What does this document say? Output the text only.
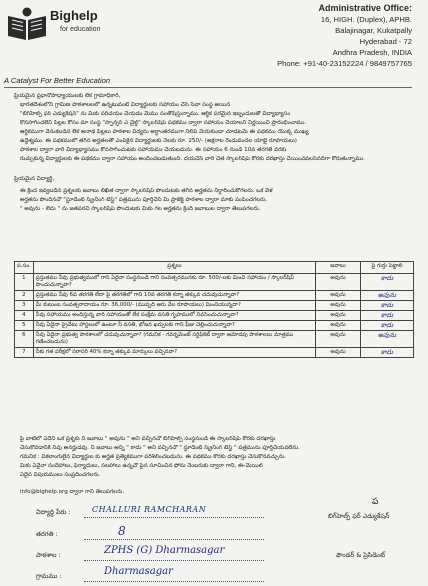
Bighelp
for education
Administrative Office:
16, HIGH. (Duplex), APHB.
Balajinagar, Kukatpally
Hyderabad - 72
Andhra Pradesh, INDIA
Phone: +91-40-23152224 / 9849757765
A Catalyst For Better Education
ప్రియమైన ప్రధానోపాధ్యాయులకు లేక గ్రామాధికారి,
భారతదేశంలోని గ్రామీణ పాఠశాలలలో ఉన్నటువంటి విద్యార్థులకు సహాయం చేసే సేవా సంస్థ అయిన
"బిగ్‌హెల్ప్ ఫర్ ఎడ్యుకేషన్" ను మీకు పరిచయం చేయడం మేము సంతోషిస్తున్నాము. ఆర్థిక పరమైన ఇబ్బందులతో విద్యాభ్యాసం
కొనసాగించలేని పిల్లల కోసం మా సంస్థ "స్పాన్సర్ ఎ చైల్డ్" స్కాలర్‌షిప్ పథకము ద్వారా సహాయం చేయాలని నిర్ణయించి ప్రారంభించాము.
ఆర్థికముగా వెనుకబడిన లేక అనాథ పిల్లలు పాఠశాల విద్యను అర్ధాంతరముగా నిలిపి వేయకుండా చూడటమే ఈ పథకము యొక్క ముఖ్య
ఉద్దేశ్యము. ఈ పథకములో తగిన అర్హతలతో ఎంపికైన విద్యార్థులకు నెలకు రూ. 250/- (అక్షరాల రెండువందల యాభై రూపాయలు)
పాఠశాల ద్వారా వారి విద్యాభ్యాసము కొనసాగించుటకు సహాయము చేయబడును. ఈ సహాయం 6 నుండి 10వ తరగతి వరకు
రుచ్చుకున్న విద్యార్థులకు ఈ పథకము ద్వారా సహాయం అందించబడుతుంది. దయచేసి వారి చేత స్కాలర్‌షిప్ కొరకు దరఖాస్తు చేయించవలసినదిగా కోరుతున్నాము.
ప్రియమైన విద్యార్థి,
ఈ క్రింద ఇవ్వబడిన ప్రశ్నలకు జవాబు లిఖిత ద్వారా స్కాలర్‌షిప్ పొందుటకు తగిన అర్హతను నిర్ధారించుకోగలరు. ఒక వేళ
అర్హతను పొందినచో "స్టూడెంట్ స్క్రీనింగ్ టెస్ట్" పత్రమును పూర్తిచేసి మీ ప్రాజెక్ట్ పాఠశాల ద్వారా మాకు పంపించగలరు.
" అవును - లేదు " ను జతపరచి స్కాలర్‌షిప్ పొందుటకు మీకు గల అర్హతను క్రింది జవాబుల ద్వారా తెలుపగలరు.
ప.సం.	ప్రశ్నలు	జవాబు	పై గుర్తు పెట్టాలి
1	ప్రస్తుతము నీవు ప్రభుత్వములో గాని ఏదైనా సంస్థనుండి గాని సంవత్సరమునకు రూ. 500/-లకు మించి సహాయం / స్కాలర్‌షిప్ పొందుచున్నావా?	అవును	కాదు
2	ప్రస్తుతము నీవు 6వ తరగతి లేదా పై తరగతిలో గాని 10వ తరగతి కన్నా తక్కువ చదువుచున్నావా?	అవును	అవును
3	మీ కుటుంబ సంవత్సరాదాయం రూ. 36,000/- (ముప్పది ఆరు వేల రూపాయలు) మించియున్నదా?	అవును	కాదు
4	నీవు సహాయము అందిస్తున్న వారి సహాయంతో లేక సంక్షేమ వసతి గృహములో నివసించుచున్నావా?	అవును	కాదు
5	నీవు ఏదైనా ప్రైవేటు హాస్టలులో ఉంటూ నీ వసతి, భోజన ఖర్చులకు గాని ఫీజు చెల్లించుచున్నావా?	అవును	కాదు
6	నీవు ఏదైనా ప్రభుత్వ పాఠశాలలో చదువుచున్నావా? (గమనిక - గవర్నమెంట్ సర్టిఫికెట్ ద్వారా ఆమోదపు పాఠశాలలు మాత్రము గణించబడును)	అవును	అవును
7	నీకు గత పరీక్షలో సరాసరి 40% కన్నా తక్కువ మార్కులు వచ్చినవా?	అవును	కాదు
పై వాటిలో ఏదేని ఒక ప్రశ్నకు నీ జవాబు " అవును " అని వచ్చినచో బిగ్‌హెల్ప్ సంస్థనుండి ఈ స్కాలర్‌షిప్ కొరకు దరఖాస్తు
చేసుకోవడానికి నీవు అనర్హుడవు. నీ జవాబు అన్ని " కాదు " అని వచ్చినచో " స్టూడెంట్ స్క్రీనింగ్ టెస్ట్ " పత్రమును పూర్తిచేయవలెను.
గమనిక : వికలాంగులైన విద్యార్థుల కు అర్హత ప్రత్యేకముగా పరిశీలించబడును. ఈ పథకము కొరకు దరఖాస్తు చేసుకొనవచ్చును.
మీకు ఏవైనా సందేహాలు, ఫిర్యాదులు, సలహాలు ఉన్నచో పైన సూచించిన ఫోను నెంబరుకు ద్వారా గాని, ఈ-మెయిల్
ఏదైన విషయములు సంప్రదించగలరు.
info@bighelp.org ద్వారా గాని తెలుపగలరు.
విద్యార్థి పేరు :	CHALLURI RAMCHARAN
తరగతి :	8
పాఠశాల :	ZPHS (G) Dharmasagar
గ్రామము :	Dharmasagar
ప
బిగ్‌హెల్ప్ ఫర్ ఎడ్యుకేషన్
ఫౌండర్ & ప్రెసిడెంట్
